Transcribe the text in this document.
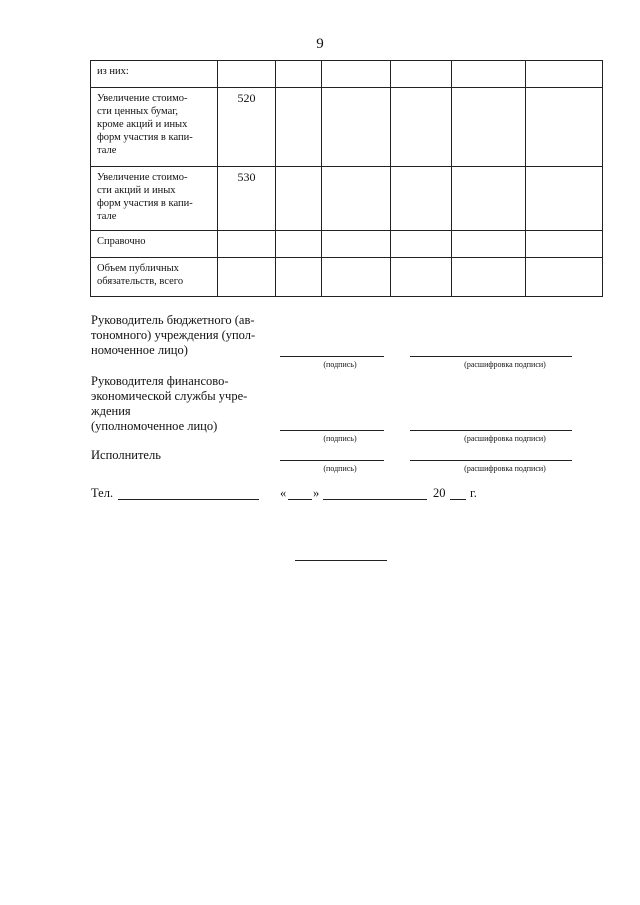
9
из них:						
Увеличение стоимо-
сти ценных бумаг,
кроме акций и иных
форм участия в капи-
тале	520					
Увеличение стоимо-
сти акций и иных
форм участия в капи-
тале	530					
Справочно						
Объем публичных
обязательств, всего						
Руководитель бюджетного (ав-
тономного) учреждения (упол-
номоченное лицо)
(подпись)	(расшифровка подписи)
Руководителя финансово-
экономической службы учре-
ждения
(уполномоченное лицо)
(подпись)	(расшифровка подписи)
Исполнитель
(подпись)	(расшифровка подписи)
Тел.	« »	20 г.
